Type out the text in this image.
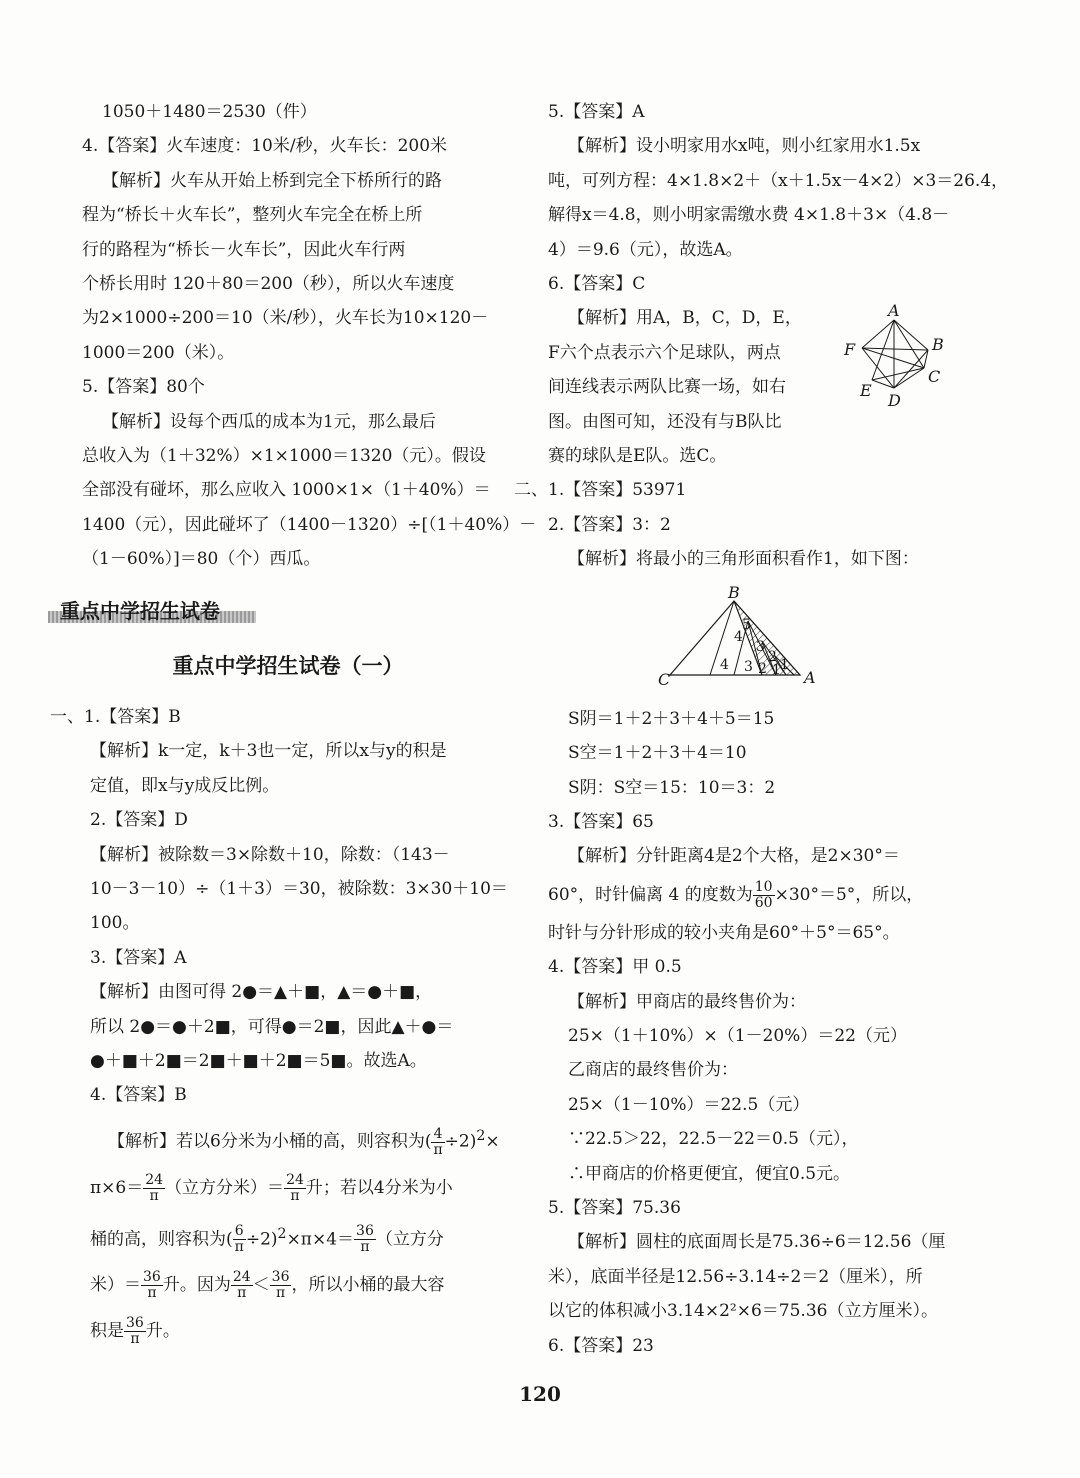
1050＋1480＝2530（件）
4.【答案】火车速度：10米/秒，火车长：200米
【解析】火车从开始上桥到完全下桥所行的路
程为“桥长＋火车长”，整列火车完全在桥上所
行的路程为“桥长－火车长”，因此火车行两
个桥长用时 120＋80＝200（秒），所以火车速度
为2×1000÷200＝10（米/秒），火车长为10×120－
1000＝200（米）。
5.【答案】80个
【解析】设每个西瓜的成本为1元，那么最后
总收入为（1＋32%）×1×1000＝1320（元）。假设
全部没有碰坏，那么应收入 1000×1×（1＋40%）＝
1400（元），因此碰坏了（1400－1320）÷[（1＋40%）－
（1－60%）]＝80（个）西瓜。
重点中学招生试卷
重点中学招生试卷（一）
一、1.【答案】B
【解析】k一定，k＋3也一定，所以x与y的积是
定值，即x与y成反比例。
2.【答案】D
【解析】被除数＝3×除数＋10，除数：（143－
10－3－10）÷（1＋3）＝30，被除数：3×30＋10＝
100。
3.【答案】A
【解析】由图可得 2●＝▲＋■，▲＝●＋■，
所以 2●＝●＋2■，可得●＝2■，因此▲＋●＝
●＋■＋2■＝2■＋■＋2■＝5■。故选A。
4.【答案】B
【解析】若以6分米为小桶的高，则容积为( $\frac{4}{\pi} \div 2)^2\times$
$\pi\times 6= \frac{24}{\pi}$ （立方分米）＝ $\frac{24}{\pi}$ 升；若以4分米为小
桶的高，则容积为( $\frac{6}{\pi} \div 2)^2\times\pi\times 4= \frac{36}{\pi}$ （立方分
米）＝ $\frac{36}{\pi}$ 升。因为 $\frac{24}{\pi} < \frac{36}{\pi}$ ，所以小桶的最大容
积是 $\frac{36}{\pi}$ 升。
5.【答案】A
【解析】设小明家用水x吨，则小红家用水1.5x
吨，可列方程：4×1.8×2＋（x＋1.5x－4×2）×3＝26.4，
解得x＝4.8，则小明家需缴水费 4×1.8＋3×（4.8－
4）＝9.6（元），故选A。
6.【答案】C
【解析】用A，B，C，D，E，
F六个点表示六个足球队，两点
间连线表示两队比赛一场，如右
图。由图可知，还没有与B队比
赛的球队是E队。选C。
二、1.【答案】53971
2.【答案】3：2
【解析】将最小的三角形面积看作1，如下图：
S阴＝1＋2＋3＋4＋5＝15
S空＝1＋2＋3＋4＝10
S阴：S空＝15：10＝3：2
3.【答案】65
【解析】分针距离4是2个大格，是2×30°＝
60°，时针偏离 4 的度数为 $\frac{10}{60} \times 30^\circ=5^\circ$，所以，
时针与分针形成的较小夹角是60°＋5°＝65°。
4.【答案】甲 0.5
【解析】甲商店的最终售价为：
25×（1＋10%）×（1－20%）＝22（元）
乙商店的最终售价为：
25×（1－10%）＝22.5（元）
∵22.5＞22，22.5－22＝0.5（元），
∴甲商店的价格更便宜，便宜0.5元。
5.【答案】75.36
【解析】圆柱的底面周长是75.36÷6＝12.56（厘
米），底面半径是12.56÷3.14÷2＝2（厘米），所
以它的体积减小3.14×2²×6＝75.36（立方厘米）。
6.【答案】23
A
B
C
D
E
F
B
C	A
5
4
4
3
3
2
2 1
1
120
